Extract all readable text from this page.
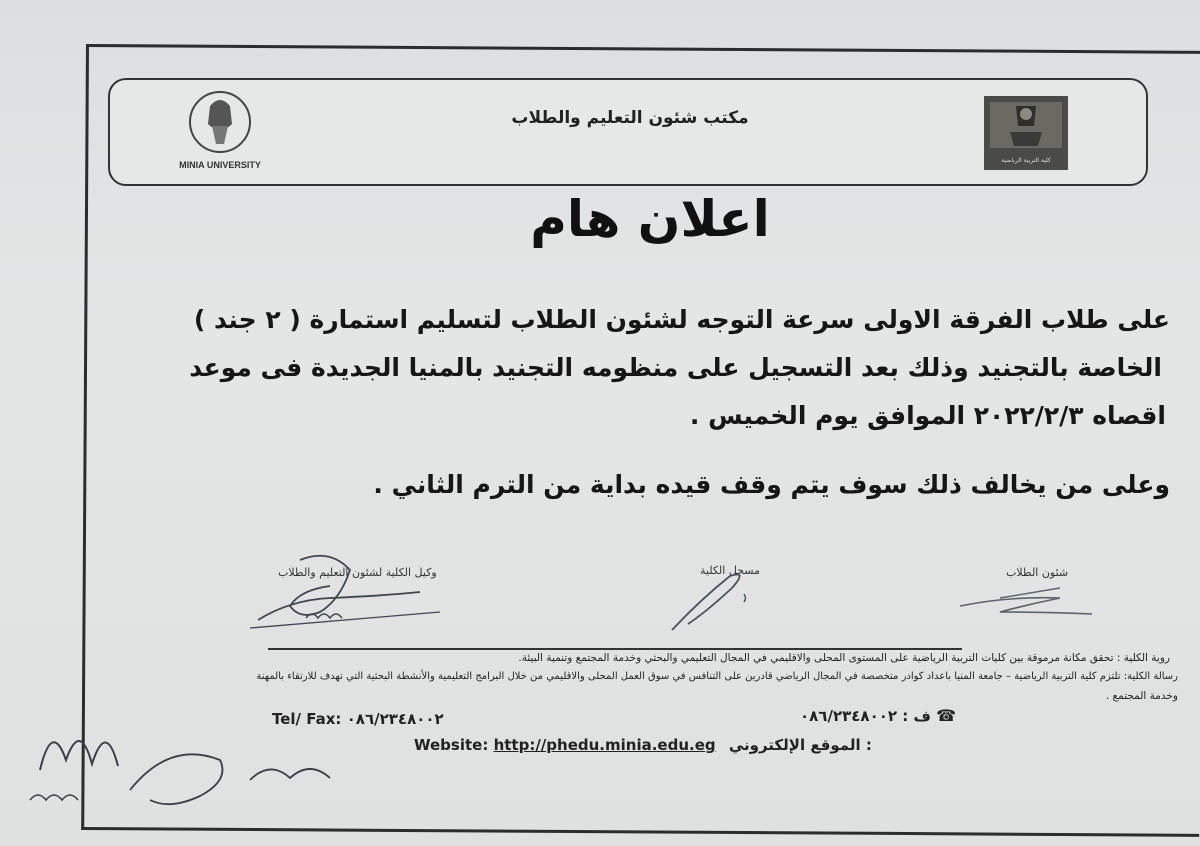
MINIA UNIVERSITY	كلية التربية الرياضية
مكتب شئون التعليم والطلاب
اعلان هام
على طلاب الفرقة الاولى سرعة التوجه لشئون الطلاب لتسليم استمارة ( ٢ جند )
الخاصة بالتجنيد وذلك بعد التسجيل على منظومه التجنيد بالمنيا الجديدة فى موعد
اقصاه ٢٠٢٢/٢/٣ الموافق يوم الخميس .
وعلى من يخالف ذلك سوف يتم وقف قيده بداية من الترم الثاني .
شئون الطلاب
مسجل الكلية
وكيل الكلية لشئون التعليم والطلاب
روية الكلية : تحقق مكانة مرموقة بين كليات التربية الرياضية على المستوى المحلى والاقليمي في المجال التعليمي والبحثي وخدمة المجتمع وتنمية البيئة.
رسالة الكلية: تلتزم كلية التربية الرياضية – جامعة المنيا باعداد كوادر متخصصة في المجال الرياضي قادرين على التنافس في سوق العمل المحلى والاقليمي من خلال البرامج التعليمية والأنشطة البحثية التي تهدف للارتقاء بالمهنة
وخدمة المجتمع .
Tel/ Fax: ٠٨٦/٢٣٤٨٠٠٢	☎ ف : ٠٨٦/٢٣٤٨٠٠٢
Website: http://phedu.minia.edu.eg الموقع الإلكتروني :
